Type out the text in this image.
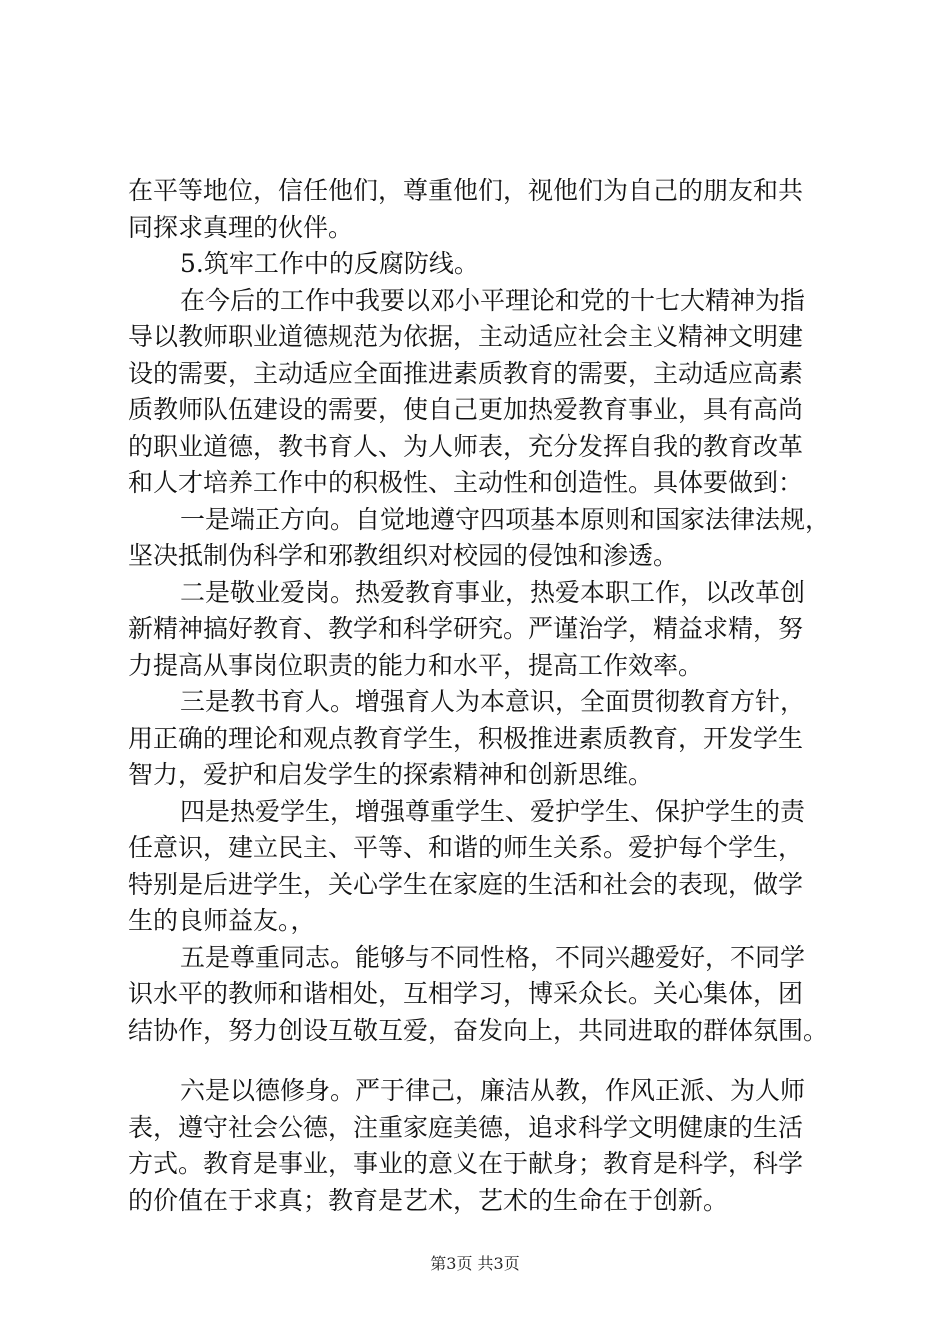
在平等地位，信任他们，尊重他们，视他们为自己的朋友和共
同探求真理的伙伴。
5.筑牢工作中的反腐防线。
在今后的工作中我要以邓小平理论和党的十七大精神为指
导以教师职业道德规范为依据，主动适应社会主义精神文明建
设的需要，主动适应全面推进素质教育的需要，主动适应高素
质教师队伍建设的需要，使自己更加热爱教育事业，具有高尚
的职业道德，教书育人、为人师表，充分发挥自我的教育改革
和人才培养工作中的积极性、主动性和创造性。具体要做到：
一是端正方向。自觉地遵守四项基本原则和国家法律法规，
坚决抵制伪科学和邪教组织对校园的侵蚀和渗透。
二是敬业爱岗。热爱教育事业，热爱本职工作，以改革创
新精神搞好教育、教学和科学研究。严谨治学，精益求精，努
力提高从事岗位职责的能力和水平，提高工作效率。
三是教书育人。增强育人为本意识，全面贯彻教育方针，
用正确的理论和观点教育学生，积极推进素质教育，开发学生
智力，爱护和启发学生的探索精神和创新思维。
四是热爱学生，增强尊重学生、爱护学生、保护学生的责
任意识，建立民主、平等、和谐的师生关系。爱护每个学生，
特别是后进学生，关心学生在家庭的生活和社会的表现，做学
生的良师益友。，
五是尊重同志。能够与不同性格，不同兴趣爱好，不同学
识水平的教师和谐相处，互相学习，博采众长。关心集体，团
结协作，努力创设互敬互爱，奋发向上，共同进取的群体氛围。
六是以德修身。严于律己，廉洁从教，作风正派、为人师
表，遵守社会公德，注重家庭美德，追求科学文明健康的生活
方式。教育是事业，事业的意义在于献身；教育是科学，科学
的价值在于求真；教育是艺术，艺术的生命在于创新。
第3页 共3页
